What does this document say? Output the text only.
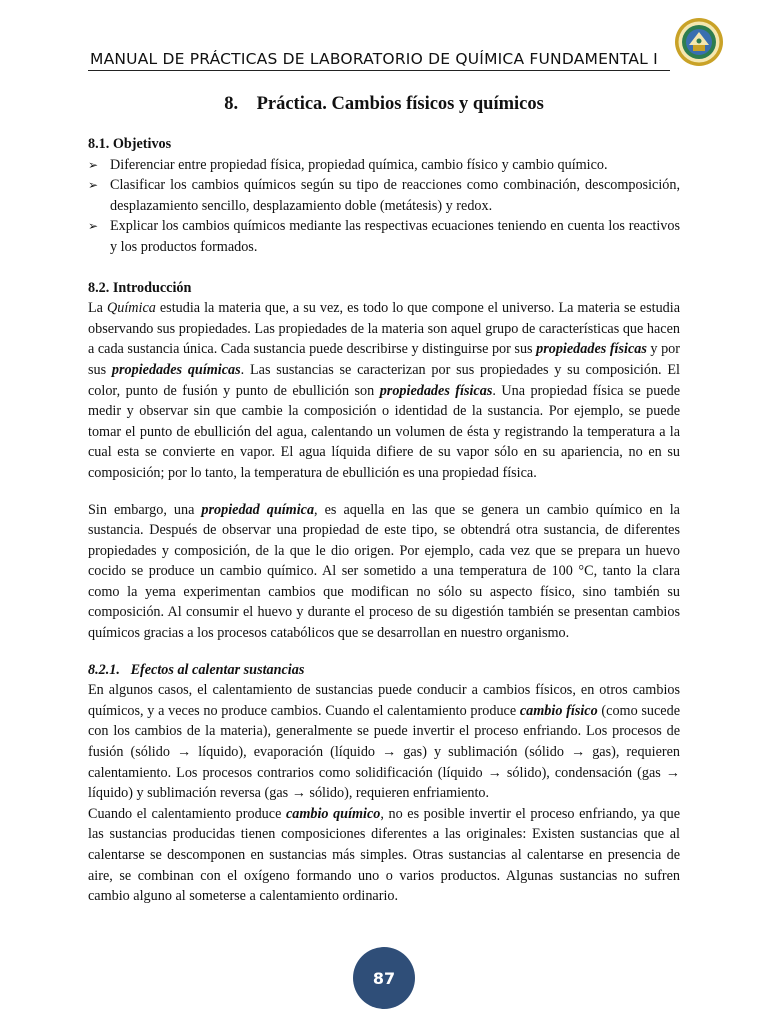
MANUAL DE PRÁCTICAS DE LABORATORIO DE QUÍMICA FUNDAMENTAL I
8. Práctica. Cambios físicos y químicos
8.1. Objetivos
➢ Diferenciar entre propiedad física, propiedad química, cambio físico y cambio químico.
➢ Clasificar los cambios químicos según su tipo de reacciones como combinación, descomposición, desplazamiento sencillo, desplazamiento doble (metátesis) y redox.
➢ Explicar los cambios químicos mediante las respectivas ecuaciones teniendo en cuenta los reactivos y los productos formados.
8.2. Introducción

La Química estudia la materia que, a su vez, es todo lo que compone el universo. La materia se estudia observando sus propiedades. Las propiedades de la materia son aquel grupo de características que hacen a cada sustancia única. Cada sustancia puede describirse y distinguirse por sus propiedades físicas y por sus propiedades químicas. Las sustancias se caracterizan por sus propiedades y su composición. El color, punto de fusión y punto de ebullición son propiedades físicas. Una propiedad física se puede medir y observar sin que cambie la composición o identidad de la sustancia. Por ejemplo, se puede tomar el punto de ebullición del agua, calentando un volumen de ésta y registrando la temperatura a la cual esta se convierte en vapor. El agua líquida difiere de su vapor sólo en su apariencia, no en su composición; por lo tanto, la temperatura de ebullición es una propiedad física.

Sin embargo, una propiedad química, es aquella en las que se genera un cambio químico en la sustancia. Después de observar una propiedad de este tipo, se obtendrá otra sustancia, de diferentes propiedades y composición, de la que le dio origen. Por ejemplo, cada vez que se prepara un huevo cocido se produce un cambio químico. Al ser sometido a una temperatura de 100 °C, tanto la clara como la yema experimentan cambios que modifican no sólo su aspecto físico, sino también su composición. Al consumir el huevo y durante el proceso de su digestión también se presentan cambios químicos gracias a los procesos catabólicos que se desarrollan en nuestro organismo.

8.2.1.   Efectos al calentar sustancias

En algunos casos, el calentamiento de sustancias puede conducir a cambios físicos, en otros cambios químicos, y a veces no produce cambios. Cuando el calentamiento produce cambio físico (como sucede con los cambios de la materia), generalmente se puede invertir el proceso enfriando. Los procesos de fusión (sólido → líquido), evaporación (líquido → gas) y sublimación (sólido → gas), requieren calentamiento. Los procesos contrarios como solidificación (líquido → sólido), condensación (gas → líquido) y sublimación reversa (gas → sólido), requieren enfriamiento.

Cuando el calentamiento produce cambio químico, no es posible invertir el proceso enfriando, ya que las sustancias producidas tienen composiciones diferentes a las originales: Existen sustancias que al calentarse se descomponen en sustancias más simples. Otras sustancias al calentarse en presencia de aire, se combinan con el oxígeno formando uno o varios productos. Algunas sustancias no sufren cambio alguno al someterse a calentamiento ordinario.

87
